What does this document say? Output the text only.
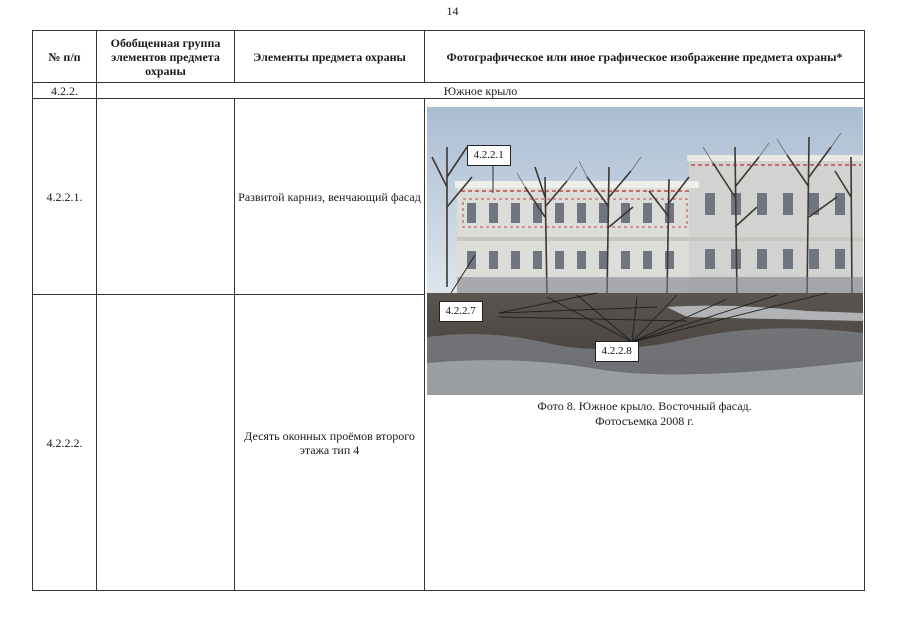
14
№ п/п	Обобщенная группа элементов предмета охраны	Элементы предмета охраны	Фотографическое или иное графическое изображение предмета охраны*
4.2.2.	Южное крыло		
4.2.2.1.		Развитой карниз, венчающий фасад	4.2.2.1
4.2.2.7
4.2.2.8
Фото 8. Южное крыло. Восточный фасад.
Фотосъемка 2008 г.

4.2.2.2.		Десять оконных проёмов второго этажа тип 4	
